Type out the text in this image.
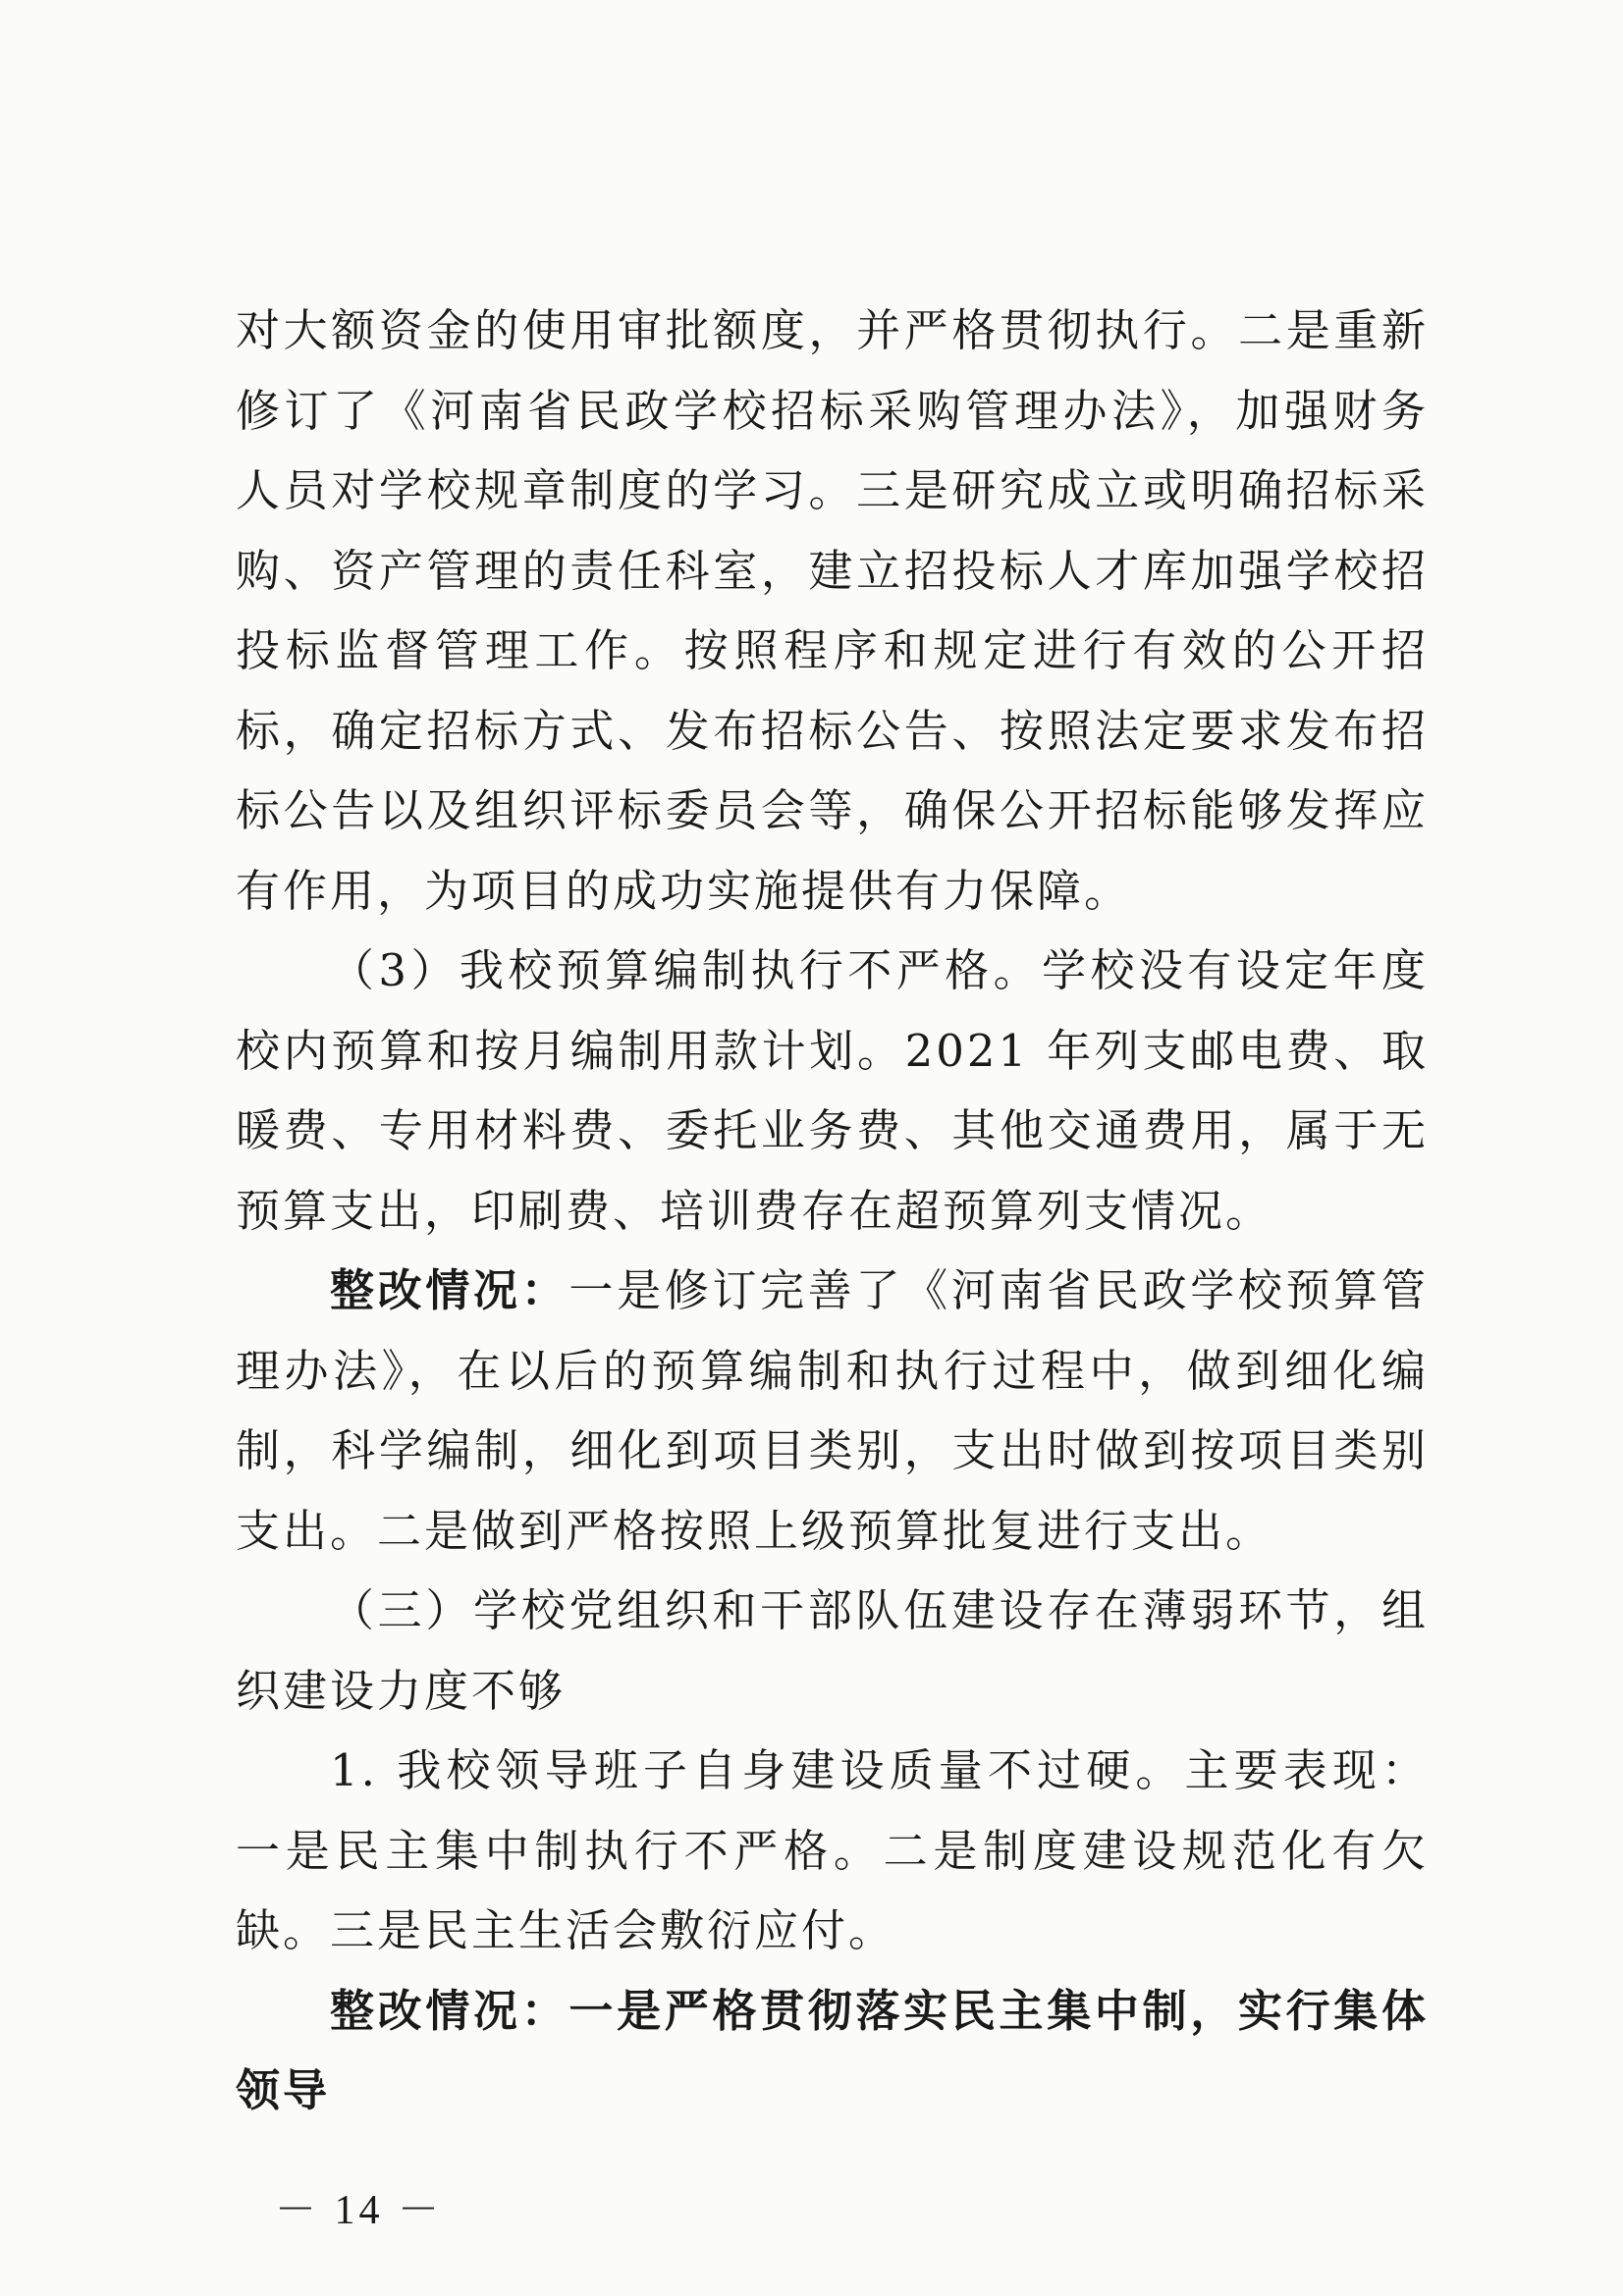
对大额资金的使用审批额度，并严格贯彻执行。二是重新修订了《河南省民政学校招标采购管理办法》，加强财务人员对学校规章制度的学习。三是研究成立或明确招标采购、资产管理的责任科室，建立招投标人才库加强学校招投标监督管理工作。按照程序和规定进行有效的公开招标，确定招标方式、发布招标公告、按照法定要求发布招标公告以及组织评标委员会等，确保公开招标能够发挥应有作用，为项目的成功实施提供有力保障。

（3）我校预算编制执行不严格。学校没有设定年度校内预算和按月编制用款计划。2021 年列支邮电费、取暖费、专用材料费、委托业务费、其他交通费用，属于无预算支出，印刷费、培训费存在超预算列支情况。

整改情况：一是修订完善了《河南省民政学校预算管理办法》，在以后的预算编制和执行过程中，做到细化编制，科学编制，细化到项目类别，支出时做到按项目类别支出。二是做到严格按照上级预算批复进行支出。

（三）学校党组织和干部队伍建设存在薄弱环节，组织建设力度不够

1. 我校领导班子自身建设质量不过硬。主要表现：一是民主集中制执行不严格。二是制度建设规范化有欠缺。三是民主生活会敷衍应付。

整改情况：一是严格贯彻落实民主集中制，实行集体领导

－ 14 －
